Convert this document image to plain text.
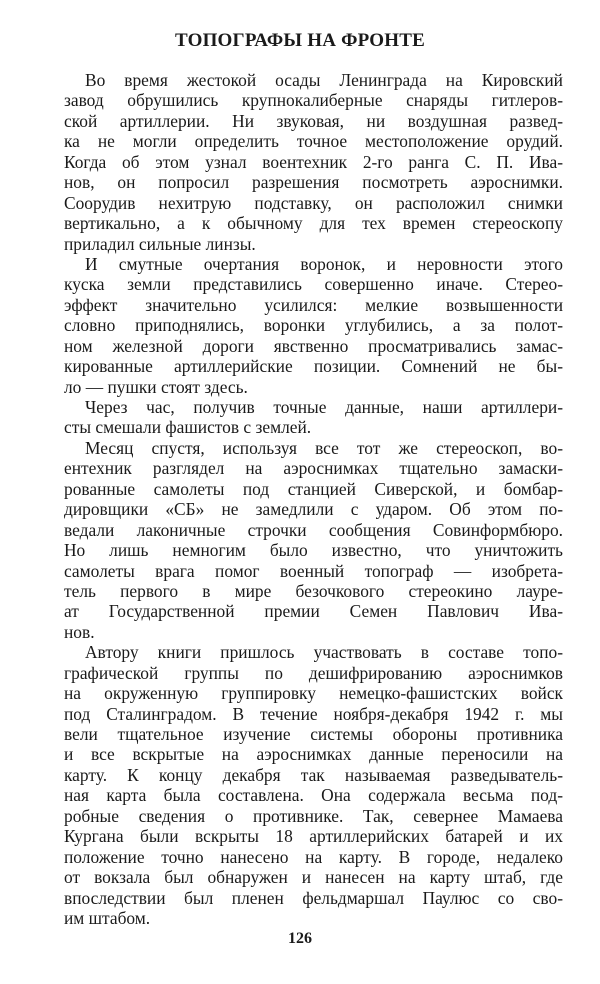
ТОПОГРАФЫ НА ФРОНТЕ
Во время жестокой осады Ленинграда на Кировский
завод обрушились крупнокалиберные снаряды гитлеров-
ской артиллерии. Ни звуковая, ни воздушная развед-
ка не могли определить точное местоположение орудий.
Когда об этом узнал воентехник 2-го ранга С. П. Ива-
нов, он попросил разрешения посмотреть аэроснимки.
Соорудив нехитрую подставку, он расположил снимки
вертикально, а к обычному для тех времен стереоскопу
приладил сильные линзы.
И смутные очертания воронок, и неровности этого
куска земли представились совершенно иначе. Стерео-
эффект значительно усилился: мелкие возвышенности
словно приподнялись, воронки углубились, а за полот-
ном железной дороги явственно просматривались замас-
кированные артиллерийские позиции. Сомнений не бы-
ло — пушки стоят здесь.
Через час, получив точные данные, наши артиллери-
сты смешали фашистов с землей.
Месяц спустя, используя все тот же стереоскоп, во-
ентехник разглядел на аэроснимках тщательно замаски-
рованные самолеты под станцией Сиверской, и бомбар-
дировщики «СБ» не замедлили с ударом. Об этом по-
ведали лаконичные строчки сообщения Совинформбюро.
Но лишь немногим было известно, что уничтожить
самолеты врага помог военный топограф — изобрета-
тель первого в мире безочкового стереокино лауре-
ат Государственной премии Семен Павлович Ива-
нов.
Автору книги пришлось участвовать в составе топо-
графической группы по дешифрированию аэроснимков
на окруженную группировку немецко-фашистских войск
под Сталинградом. В течение ноября-декабря 1942 г. мы
вели тщательное изучение системы обороны противника
и все вскрытые на аэроснимках данные переносили на
карту. К концу декабря так называемая разведыватель-
ная карта была составлена. Она содержала весьма под-
робные сведения о противнике. Так, севернее Мамаева
Кургана были вскрыты 18 артиллерийских батарей и их
положение точно нанесено на карту. В городе, недалеко
от вокзала был обнаружен и нанесен на карту штаб, где
впоследствии был пленен фельдмаршал Паулюс со сво-
им штабом.
126
